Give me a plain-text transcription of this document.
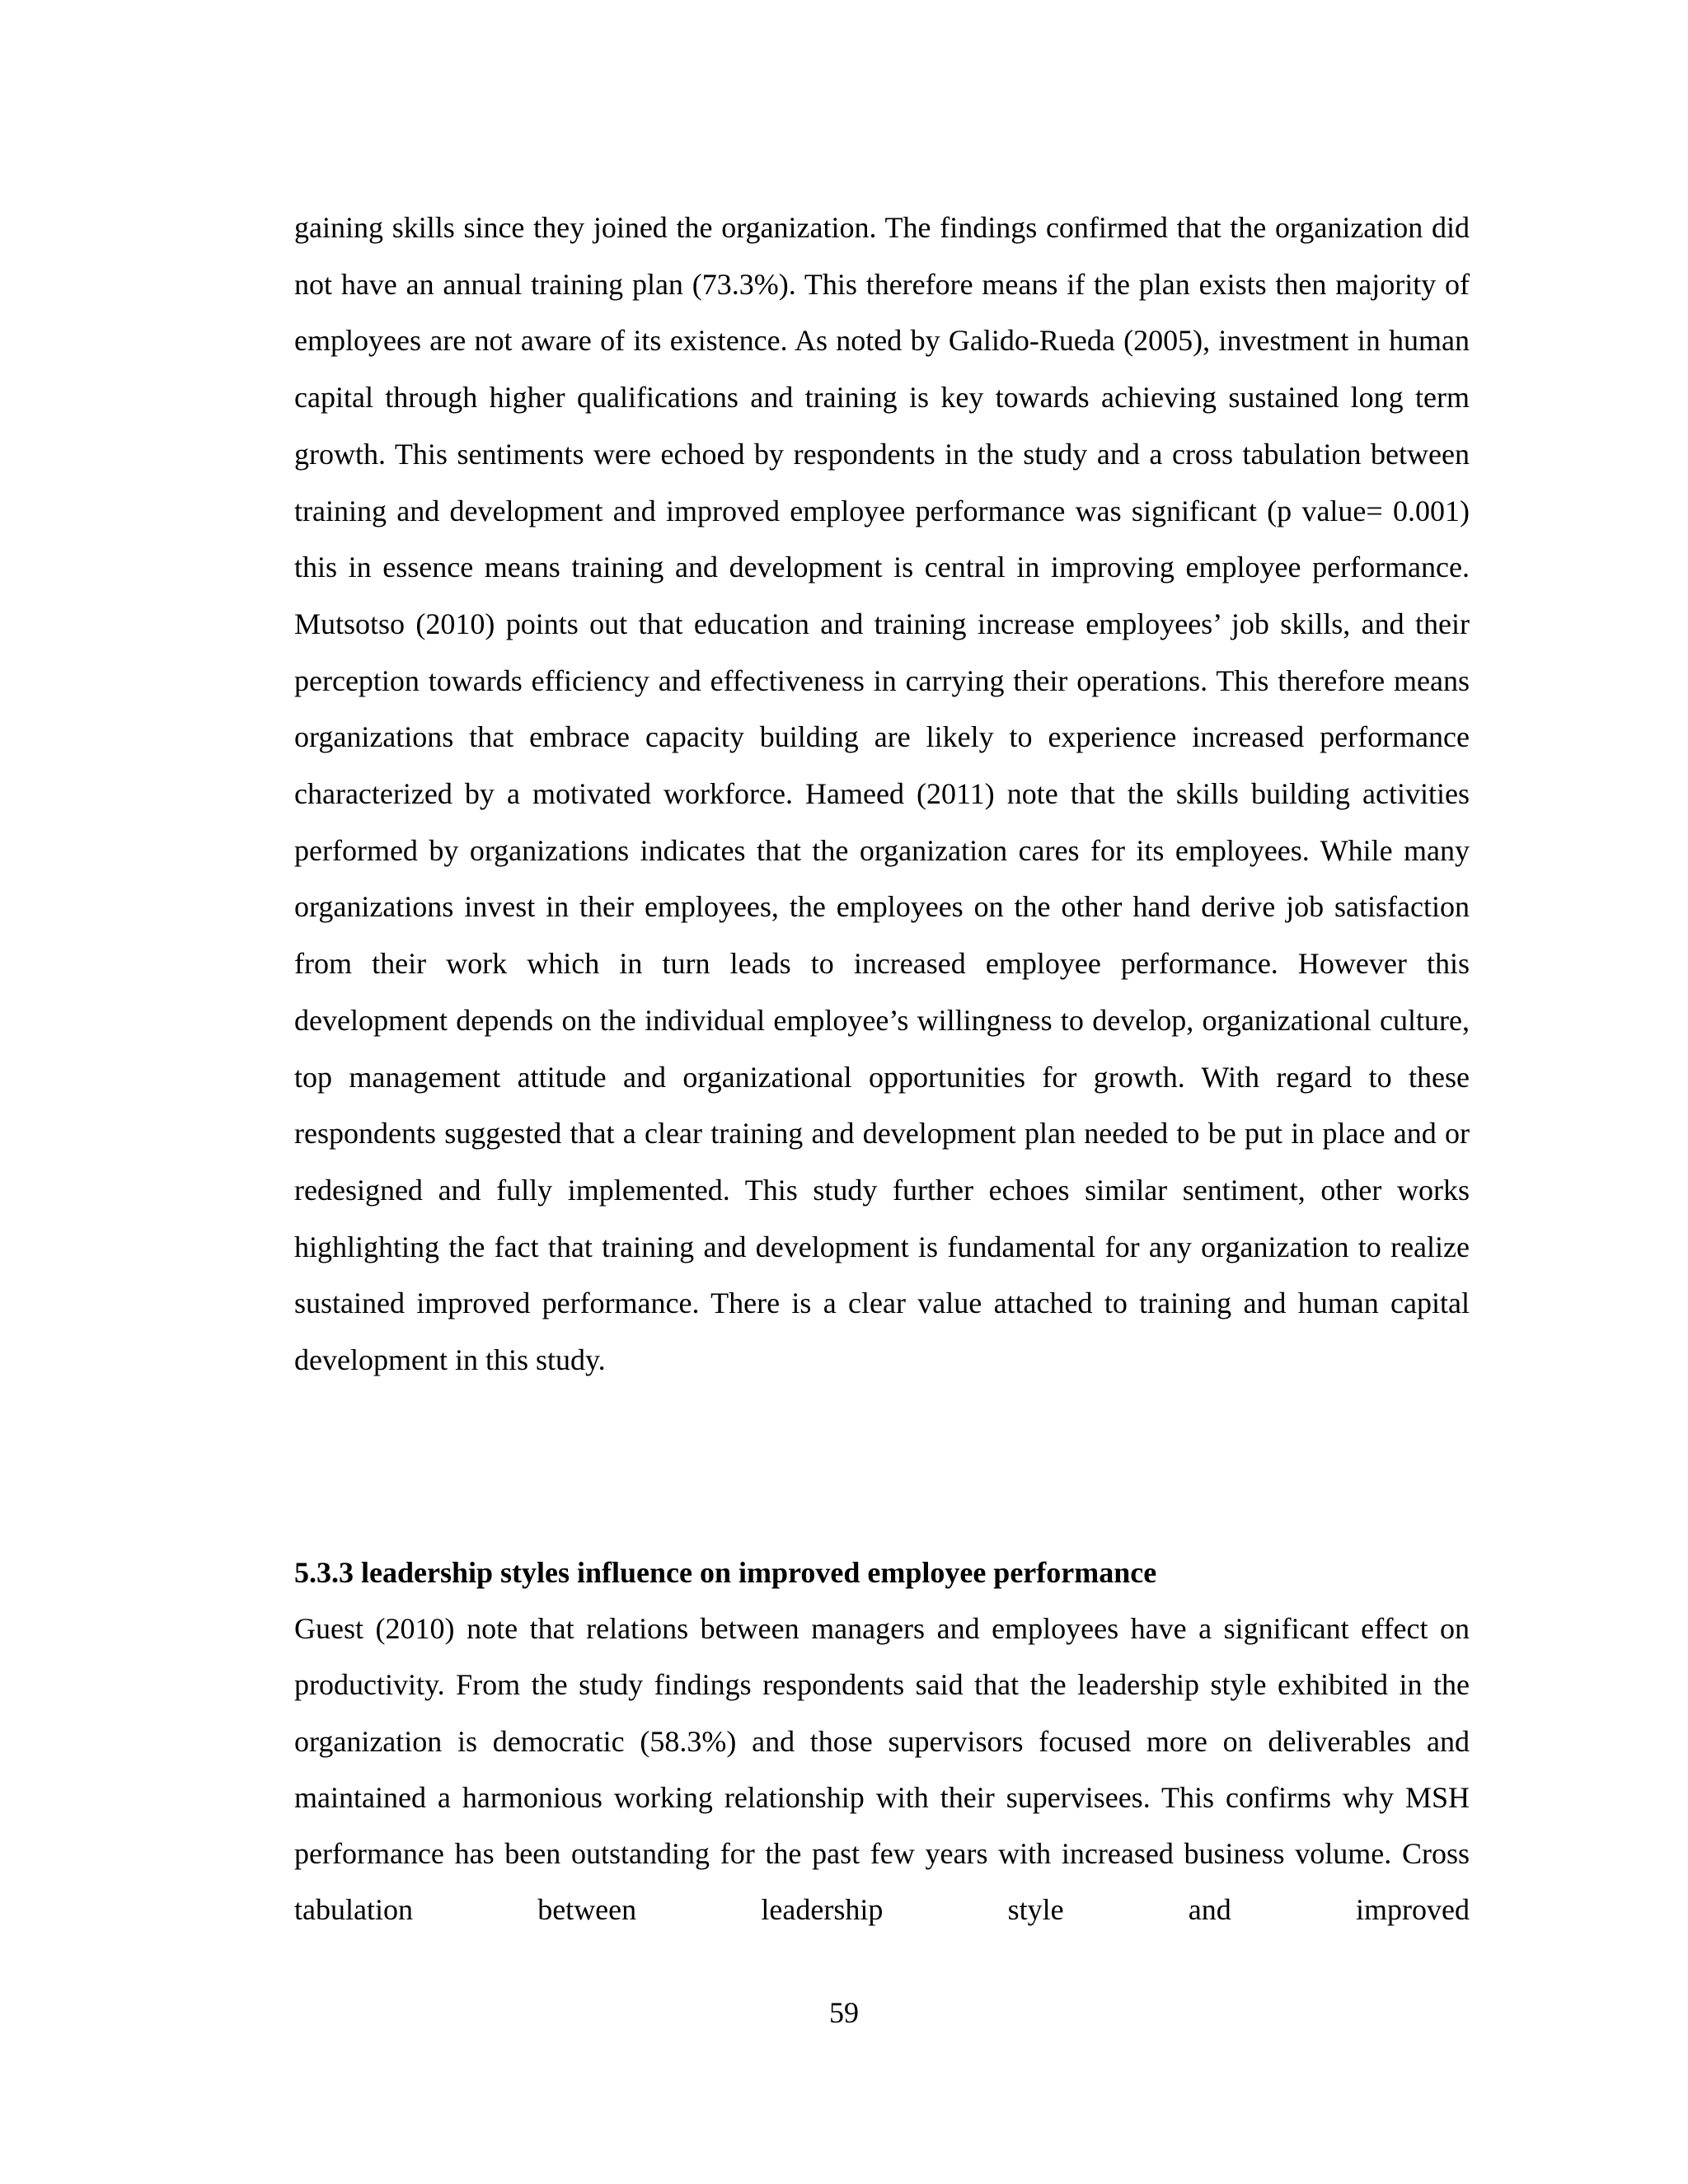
gaining skills since they joined the organization. The findings confirmed that the organization did not have an annual training plan (73.3%). This therefore means if the plan exists then majority of employees are not aware of its existence. As noted by Galido-Rueda (2005), investment in human capital through higher qualifications and training is key towards achieving sustained long term growth. This sentiments were echoed by respondents in the study and a cross tabulation between training and development and improved employee performance was significant (p value= 0.001) this in essence means training and development is central in improving employee performance. Mutsotso (2010) points out that education and training increase employees’ job skills, and their perception towards efficiency and effectiveness in carrying their operations. This therefore means organizations that embrace capacity building are likely to experience increased performance characterized by a motivated workforce. Hameed (2011) note that the skills building activities performed by organizations indicates that the organization cares for its employees. While many organizations invest in their employees, the employees on the other hand derive job satisfaction from their work which in turn leads to increased employee performance. However this development depends on the individual employee’s willingness to develop, organizational culture, top management attitude and organizational opportunities for growth. With regard to these respondents suggested that a clear training and development plan needed to be put in place and or redesigned and fully implemented. This study further echoes similar sentiment, other works highlighting the fact that training and development is fundamental for any organization to realize sustained improved performance. There is a clear value attached to training and human capital development in this study.

5.3.3 leadership styles influence on improved employee performance

Guest (2010) note that relations between managers and employees have a significant effect on productivity. From the study findings respondents said that the leadership style exhibited in the organization is democratic (58.3%) and those supervisors focused more on deliverables and maintained a harmonious working relationship with their supervisees. This confirms why MSH performance has been outstanding for the past few years with increased business volume. Cross tabulation between leadership style and improved

59
